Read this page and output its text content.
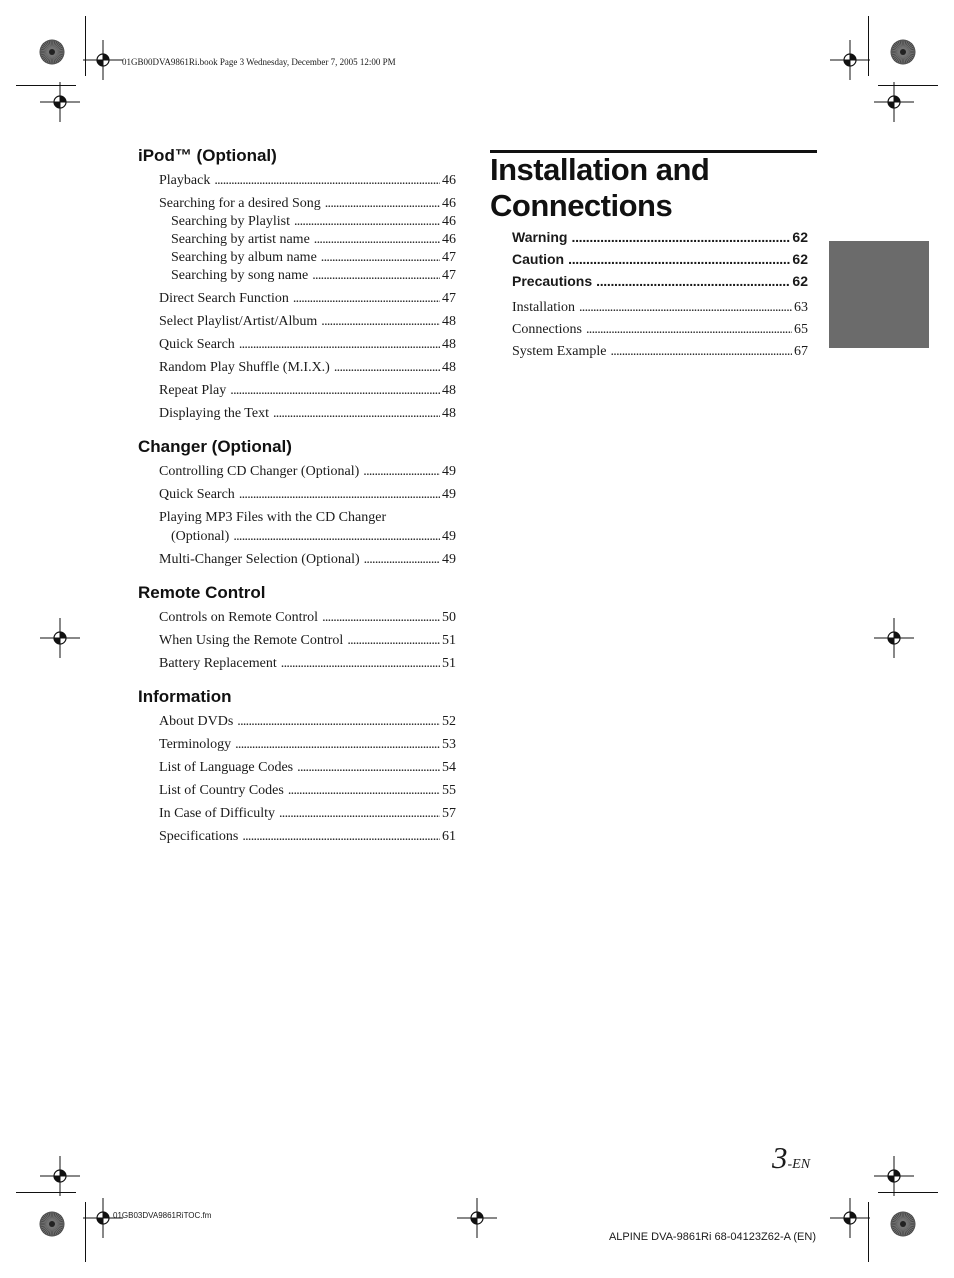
01GB00DVA9861Ri.book Page 3 Wednesday, December 7, 2005 12:00 PM
01GB03DVA9861RiTOC.fm
ALPINE DVA-9861Ri 68-04123Z62-A (EN)
3-EN
iPod™ (Optional)
Playback . . .	46
Searching for a desired Song . . .	46
Searching by Playlist . . .	46
Searching by artist name . . .	46
Searching by album name . . .	47
Searching by song name . . .	47
Direct Search Function . . .	47
Select Playlist/Artist/Album . . .	48
Quick Search . . .	48
Random Play Shuffle (M.I.X.) . . .	48
Repeat Play . . .	48
Displaying the Text . . .	48
Changer (Optional)
Controlling CD Changer (Optional) . . .	49
Quick Search . . .	49
Playing MP3 Files with the CD Changer
(Optional) . . .	49
Multi-Changer Selection (Optional) . . .	49
Remote Control
Controls on Remote Control . . .	50
When Using the Remote Control . . .	51
Battery Replacement . . .	51
Information
About DVDs . . .	52
Terminology . . .	53
List of Language Codes . . .	54
List of Country Codes . . .	55
In Case of Difficulty . . .	57
Specifications . . .	61
Installation and
Connections
Warning . . .	62
Caution . . .	62
Precautions . . .	62
Installation . . .	63
Connections . . .	65
System Example . . .	67
